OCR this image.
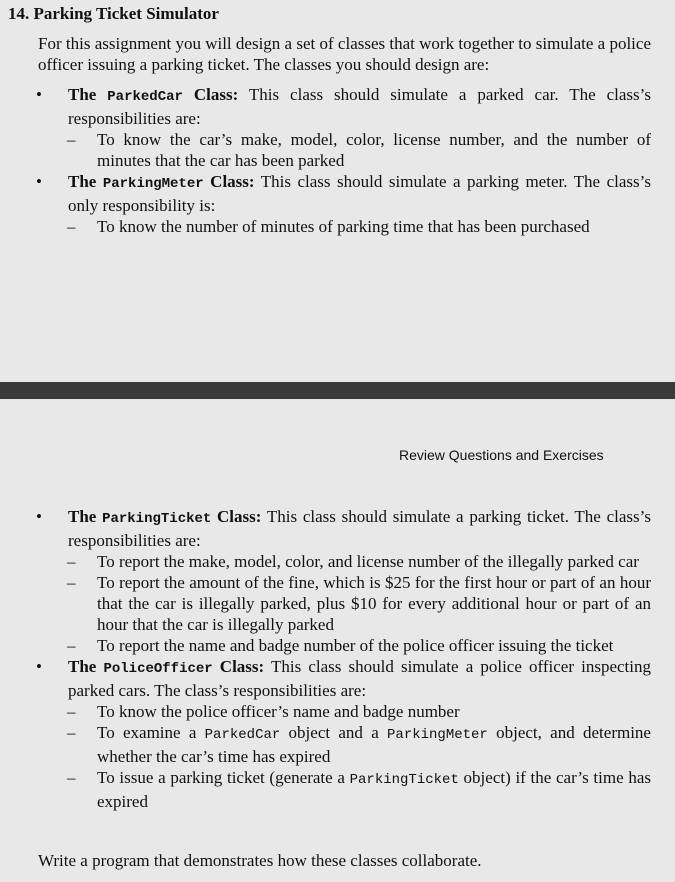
14. Parking Ticket Simulator

For this assignment you will design a set of classes that work together to simulate a police officer issuing a parking ticket. The classes you should design are:

• The ParkedCar Class: This class should simulate a parked car. The class’s responsibilities are:
– To know the car’s make, model, color, license number, and the number of minutes that the car has been parked
• The ParkingMeter Class: This class should simulate a parking meter. The class’s only responsibility is:
– To know the number of minutes of parking time that has been purchased
Review Questions and Exercises
• The ParkingTicket Class: This class should simulate a parking ticket. The class’s responsibilities are:
– To report the make, model, color, and license number of the illegally parked car
– To report the amount of the fine, which is $25 for the first hour or part of an hour that the car is illegally parked, plus $10 for every additional hour or part of an hour that the car is illegally parked
– To report the name and badge number of the police officer issuing the ticket
• The PoliceOfficer Class: This class should simulate a police officer inspecting parked cars. The class’s responsibilities are:
– To know the police officer’s name and badge number
– To examine a ParkedCar object and a ParkingMeter object, and determine whether the car’s time has expired
– To issue a parking ticket (generate a ParkingTicket object) if the car’s time has expired

Write a program that demonstrates how these classes collaborate.
